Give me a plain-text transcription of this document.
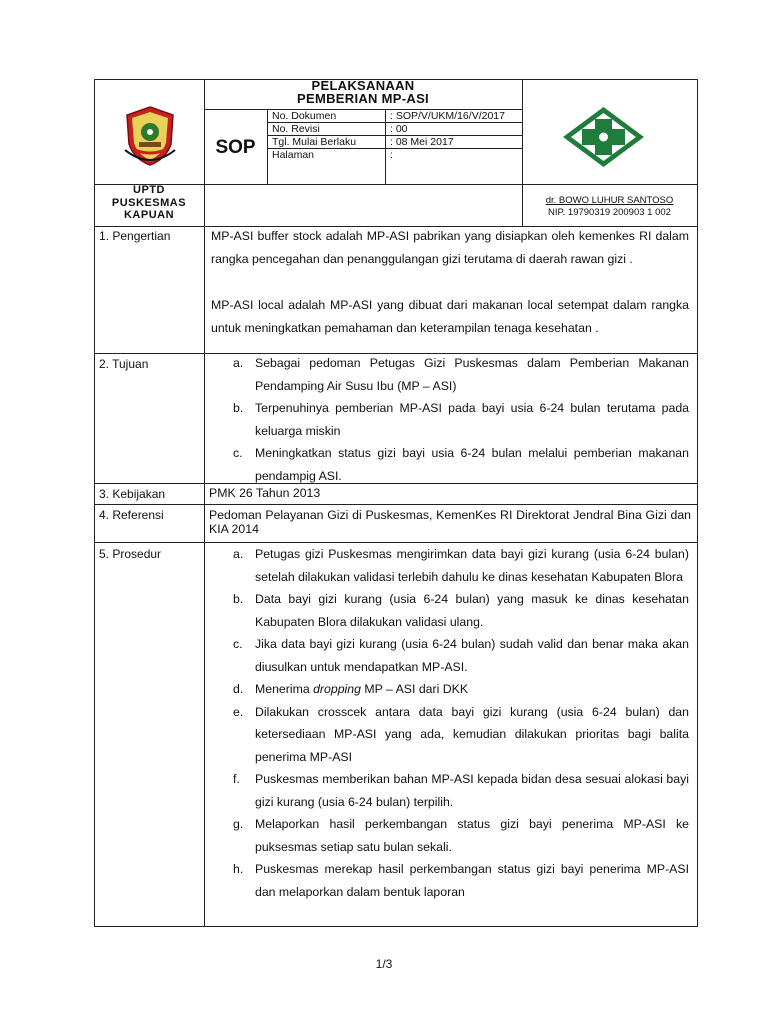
PELAKSANAAN
PEMBERIAN MP-ASI
SOP
No. Dokumen	: SOP/V/UKM/16/V/2017
No. Revisi	: 00
Tgl. Mulai Berlaku	: 08 Mei 2017
Halaman	:
UPTD
PUSKESMAS
KAPUAN
dr. BOWO LUHUR SANTOSO
NIP. 19790319 200903 1 002
1. Pengertian	MP-ASI buffer stock adalah MP-ASI pabrikan yang disiapkan oleh kemenkes RI dalam rangka pencegahan dan penanggulangan gizi terutama di daerah rawan gizi .
MP-ASI local adalah MP-ASI yang dibuat dari makanan local setempat dalam rangka untuk meningkatkan pemahaman dan keterampilan tenaga kesehatan .
2. Tujuan	a. Sebagai pedoman Petugas Gizi Puskesmas dalam Pemberian Makanan Pendamping Air Susu Ibu (MP – ASI)
b. Terpenuhinya pemberian MP-ASI pada bayi usia 6-24 bulan terutama pada keluarga miskin
c. Meningkatkan status gizi bayi usia 6-24 bulan melalui pemberian makanan pendampig ASI.
3. Kebijakan	PMK 26 Tahun 2013
4. Referensi	Pedoman Pelayanan Gizi di Puskesmas, KemenKes RI Direktorat Jendral Bina Gizi dan KIA 2014
5. Prosedur	a. Petugas gizi Puskesmas mengirimkan data bayi gizi kurang (usia 6-24 bulan) setelah dilakukan validasi terlebih dahulu ke dinas kesehatan Kabupaten Blora
b. Data bayi gizi kurang (usia 6-24 bulan) yang masuk ke dinas kesehatan Kabupaten Blora dilakukan validasi ulang.
c. Jika data bayi gizi kurang (usia 6-24 bulan) sudah valid dan benar maka akan diusulkan untuk mendapatkan MP-ASI.
d. Menerima dropping MP – ASI dari DKK
e. Dilakukan crosscek antara data bayi gizi kurang (usia 6-24 bulan) dan ketersediaan MP-ASI yang ada, kemudian dilakukan prioritas bagi balita penerima MP-ASI
f. Puskesmas memberikan bahan MP-ASI kepada bidan desa sesuai alokasi bayi gizi kurang (usia 6-24 bulan) terpilih.
g. Melaporkan hasil perkembangan status gizi bayi penerima MP-ASI ke puksesmas setiap satu bulan sekali.
h. Puskesmas merekap hasil perkembangan status gizi bayi penerima MP-ASI dan melaporkan dalam bentuk laporan
1/3
